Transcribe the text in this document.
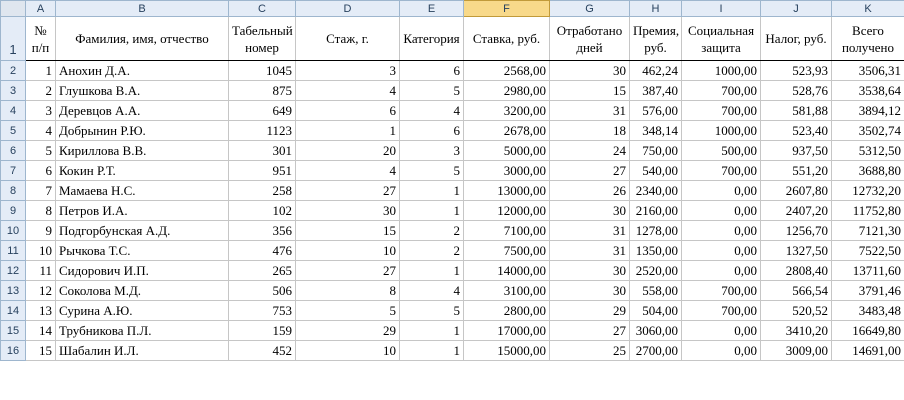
	A	B	C	D	E	F	G	H	I	J	K
1	№ п/п	Фамилия, имя, отчество	Табельный номер	Стаж, г.	Категория	Ставка, руб.	Отработано дней	Премия, руб.	Социальная защита	Налог, руб.	Всего получено
2	1	Анохин Д.А.	1045	3	6	2568,00	30	462,24	1000,00	523,93	3506,31
3	2	Глушкова В.А.	875	4	5	2980,00	15	387,40	700,00	528,76	3538,64
4	3	Деревцов А.А.	649	6	4	3200,00	31	576,00	700,00	581,88	3894,12
5	4	Добрынин Р.Ю.	1123	1	6	2678,00	18	348,14	1000,00	523,40	3502,74
6	5	Кириллова В.В.	301	20	3	5000,00	24	750,00	500,00	937,50	5312,50
7	6	Кокин Р.Т.	951	4	5	3000,00	27	540,00	700,00	551,20	3688,80
8	7	Мамаева Н.С.	258	27	1	13000,00	26	2340,00	0,00	2607,80	12732,20
9	8	Петров И.А.	102	30	1	12000,00	30	2160,00	0,00	2407,20	11752,80
10	9	Подгорбунская А.Д.	356	15	2	7100,00	31	1278,00	0,00	1256,70	7121,30
11	10	Рычкова Т.С.	476	10	2	7500,00	31	1350,00	0,00	1327,50	7522,50
12	11	Сидорович И.П.	265	27	1	14000,00	30	2520,00	0,00	2808,40	13711,60
13	12	Соколова М.Д.	506	8	4	3100,00	30	558,00	700,00	566,54	3791,46
14	13	Сурина А.Ю.	753	5	5	2800,00	29	504,00	700,00	520,52	3483,48
15	14	Трубникова П.Л.	159	29	1	17000,00	27	3060,00	0,00	3410,20	16649,80
16	15	Шабалин И.Л.	452	10	1	15000,00	25	2700,00	0,00	3009,00	14691,00
